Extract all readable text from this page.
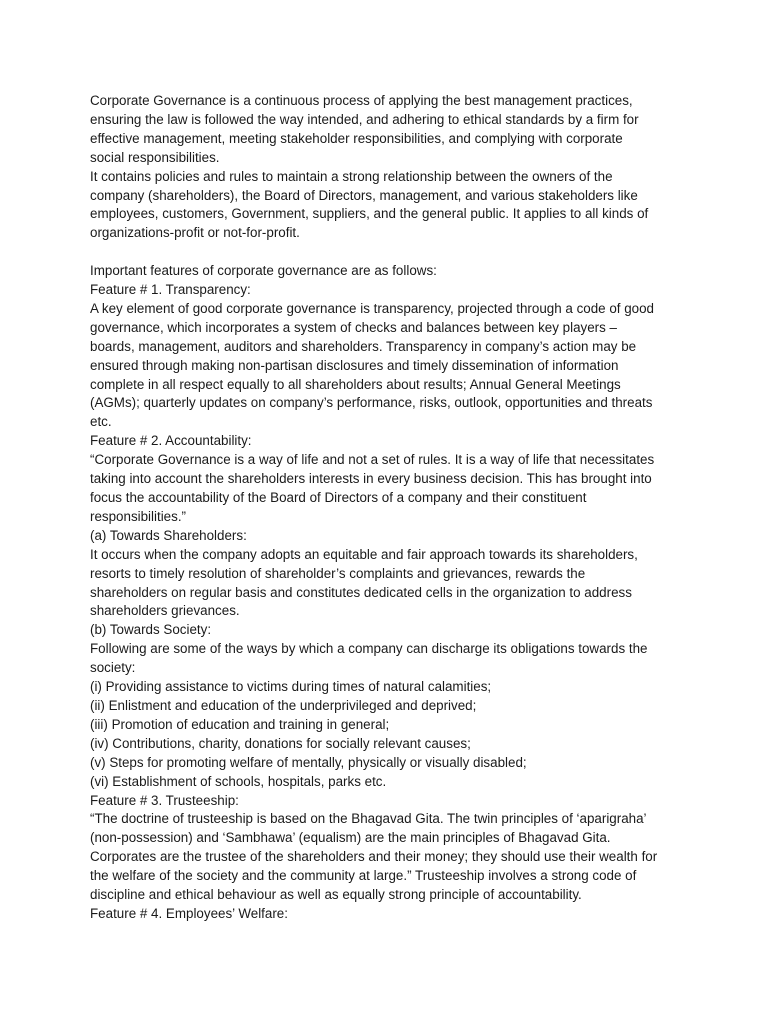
Corporate Governance is a continuous process of applying the best management practices,
ensuring the law is followed the way intended, and adhering to ethical standards by a firm for
effective management, meeting stakeholder responsibilities, and complying with corporate
social responsibilities.
It contains policies and rules to maintain a strong relationship between the owners of the
company (shareholders), the Board of Directors, management, and various stakeholders like
employees, customers, Government, suppliers, and the general public. It applies to all kinds of
organizations-profit or not-for-profit.
Important features of corporate governance are as follows:
Feature # 1. Transparency:
A key element of good corporate governance is transparency, projected through a code of good
governance, which incorporates a system of checks and balances between key players –
boards, management, auditors and shareholders. Transparency in company’s action may be
ensured through making non-partisan disclosures and timely dissemination of information
complete in all respect equally to all shareholders about results; Annual General Meetings
(AGMs); quarterly updates on company’s performance, risks, outlook, opportunities and threats
etc.
Feature # 2. Accountability:
“Corporate Governance is a way of life and not a set of rules. It is a way of life that necessitates
taking into account the shareholders interests in every business decision. This has brought into
focus the accountability of the Board of Directors of a company and their constituent
responsibilities.”
(a) Towards Shareholders:
It occurs when the company adopts an equitable and fair approach towards its shareholders,
resorts to timely resolution of shareholder’s complaints and grievances, rewards the
shareholders on regular basis and constitutes dedicated cells in the organization to address
shareholders grievances.
(b) Towards Society:
Following are some of the ways by which a company can discharge its obligations towards the
society:
(i) Providing assistance to victims during times of natural calamities;
(ii) Enlistment and education of the underprivileged and deprived;
(iii) Promotion of education and training in general;
(iv) Contributions, charity, donations for socially relevant causes;
(v) Steps for promoting welfare of mentally, physically or visually disabled;
(vi) Establishment of schools, hospitals, parks etc.
Feature # 3. Trusteeship:
“The doctrine of trusteeship is based on the Bhagavad Gita. The twin principles of ‘aparigraha’
(non-possession) and ‘Sambhawa’ (equalism) are the main principles of Bhagavad Gita.
Corporates are the trustee of the shareholders and their money; they should use their wealth for
the welfare of the society and the community at large.” Trusteeship involves a strong code of
discipline and ethical behaviour as well as equally strong principle of accountability.
Feature # 4. Employees’ Welfare:
